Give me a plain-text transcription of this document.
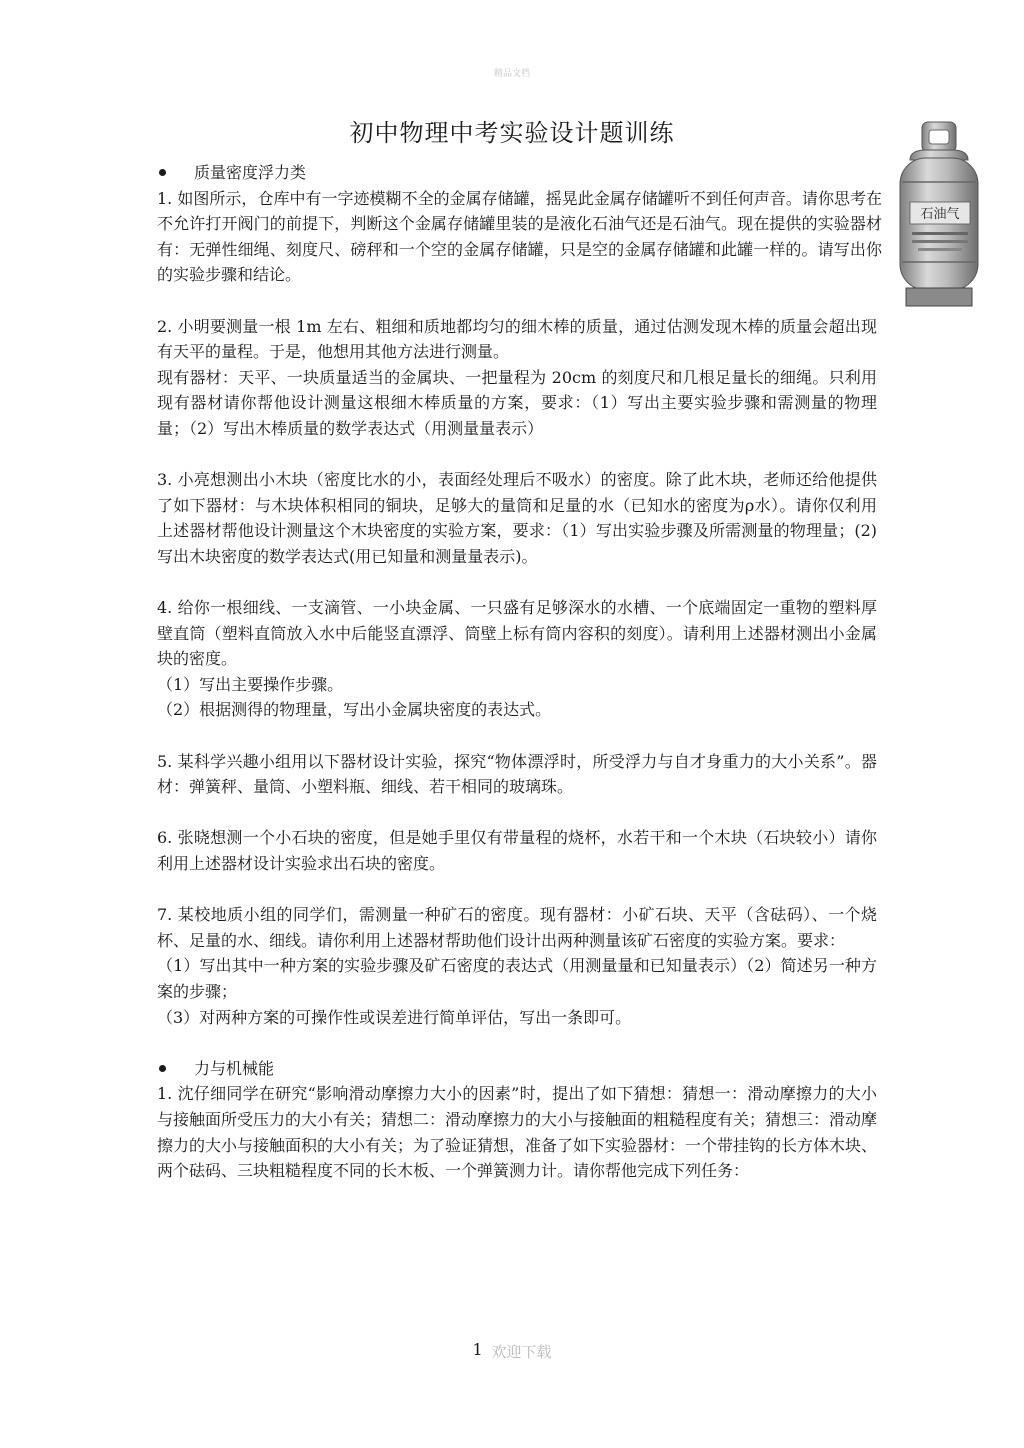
精品文档
初中物理中考实验设计题训练
石油气
质量密度浮力类

1. 如图所示，仓库中有一字迹模糊不全的金属存储罐，摇晃此金属存储罐听不到任何声音。请你思考在不允许打开阀门的前提下，判断这个金属存储罐里装的是液化石油气还是石油气。现在提供的实验器材有：无弹性细绳、刻度尺、磅秤和一个空的金属存储罐，只是空的金属存储罐和此罐一样的。请写出你的实验步骤和结论。

2. 小明要测量一根 1m 左右、粗细和质地都均匀的细木棒的质量，通过估测发现木棒的质量会超出现有天平的量程。于是，他想用其他方法进行测量。
现有器材：天平、一块质量适当的金属块、一把量程为 20cm 的刻度尺和几根足量长的细绳。只利用现有器材请你帮他设计测量这根细木棒质量的方案，要求：（1）写出主要实验步骤和需测量的物理量；（2）写出木棒质量的数学表达式（用测量量表示）

3. 小亮想测出小木块（密度比水的小，表面经处理后不吸水）的密度。除了此木块，老师还给他提供了如下器材：与木块体积相同的铜块，足够大的量筒和足量的水（已知水的密度为ρ水）。请你仅利用上述器材帮他设计测量这个木块密度的实验方案，要求：（1）写出实验步骤及所需测量的物理量；(2)写出木块密度的数学表达式(用已知量和测量量表示)。

4. 给你一根细线、一支滴管、一小块金属、一只盛有足够深水的水槽、一个底端固定一重物的塑料厚壁直筒（塑料直筒放入水中后能竖直漂浮、筒壁上标有筒内容积的刻度）。请利用上述器材测出小金属块的密度。
（1）写出主要操作步骤。
（2）根据测得的物理量，写出小金属块密度的表达式。

5. 某科学兴趣小组用以下器材设计实验，探究“物体漂浮时，所受浮力与自才身重力的大小关系”。器材：弹簧秤、量筒、小塑料瓶、细线、若干相同的玻璃珠。

6. 张晓想测一个小石块的密度，但是她手里仅有带量程的烧杯，水若干和一个木块（石块较小）请你利用上述器材设计实验求出石块的密度。

7. 某校地质小组的同学们，需测量一种矿石的密度。现有器材：小矿石块、天平（含砝码）、一个烧杯、足量的水、细线。请你利用上述器材帮助他们设计出两种测量该矿石密度的实验方案。要求：
（1）写出其中一种方案的实验步骤及矿石密度的表达式（用测量量和已知量表示）（2）简述另一种方案的步骤；
（3）对两种方案的可操作性或误差进行简单评估，写出一条即可。

力与机械能

1. 沈仔细同学在研究“影响滑动摩擦力大小的因素”时，提出了如下猜想：猜想一：滑动摩擦力的大小与接触面所受压力的大小有关；猜想二：滑动摩擦力的大小与接触面的粗糙程度有关；猜想三：滑动摩擦力的大小与接触面积的大小有关；为了验证猜想，准备了如下实验器材：一个带挂钩的长方体木块、两个砝码、三块粗糙程度不同的长木板、一个弹簧测力计。请你帮他完成下列任务：

1 欢迎下载
